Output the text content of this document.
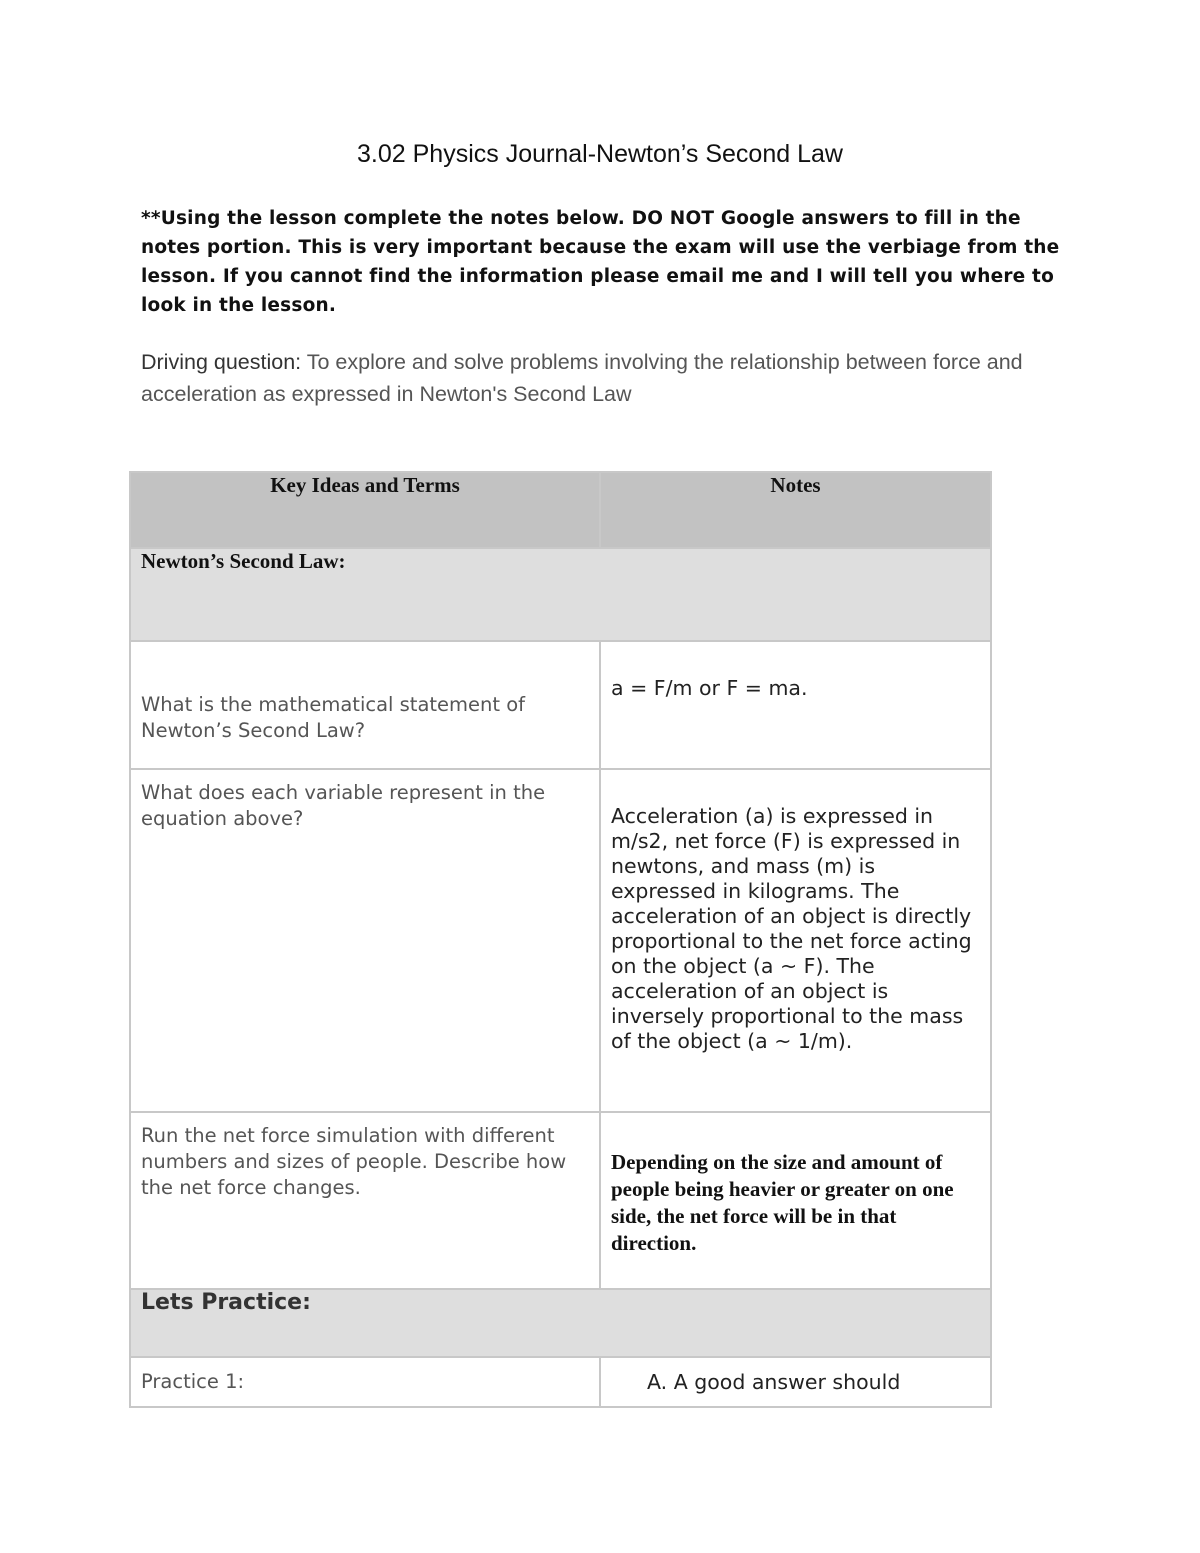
3.02 Physics Journal-Newton’s Second Law
**Using the lesson complete the notes below. DO NOT Google answers to fill in the notes portion. This is very important because the exam will use the verbiage from the lesson. If you cannot find the information please email me and I will tell you where to look in the lesson.
Driving question: To explore and solve problems involving the relationship between force and acceleration as expressed in Newton's Second Law
Key Ideas and Terms	Notes
Newton’s Second Law:	

What is the mathematical statement of Newton’s Second Law?	a = F/m or F = ma.

What does each variable represent in the equation above?	Acceleration (a) is expressed in m/s2, net force (F) is expressed in newtons, and mass (m) is expressed in kilograms. The acceleration of an object is directly proportional to the net force acting on the object (a ~ F). The acceleration of an object is inversely proportional to the mass of the object (a ~ 1/m).

Run the net force simulation with different numbers and sizes of people. Describe how the net force changes.	Depending on the size and amount of people being heavier or greater on one side, the net force will be in that direction.

Lets Practice:	

Practice 1:	A. A good answer should
